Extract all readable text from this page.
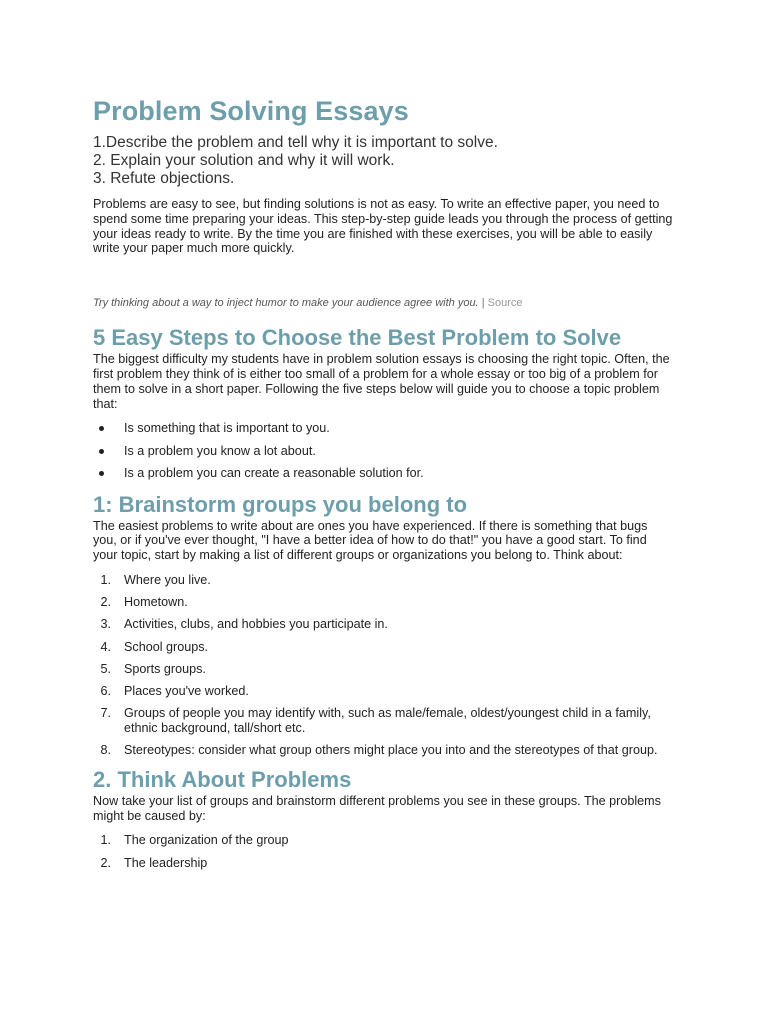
Problem Solving Essays
1.Describe the problem and tell why it is important to solve.
2. Explain your solution and why it will work.
3. Refute objections.

Problems are easy to see, but finding solutions is not as easy. To write an effective paper, you need to spend some time preparing your ideas. This step-by-step guide leads you through the process of getting your ideas ready to write. By the time you are finished with these exercises, you will be able to easily write your paper much more quickly.

Try thinking about a way to inject humor to make your audience agree with you. | Source
5 Easy Steps to Choose the Best Problem to Solve

The biggest difficulty my students have in problem solution essays is choosing the right topic. Often, the first problem they think of is either too small of a problem for a whole essay or too big of a problem for them to solve in a short paper. Following the five steps below will guide you to choose a topic problem that:

Is something that is important to you.
Is a problem you know a lot about.
Is a problem you can create a reasonable solution for.
1: Brainstorm groups you belong to

The easiest problems to write about are ones you have experienced. If there is something that bugs you, or if you've ever thought, "I have a better idea of how to do that!" you have a good start. To find your topic, start by making a list of different groups or organizations you belong to. Think about:

1. Where you live.
2. Hometown.
3. Activities, clubs, and hobbies you participate in.
4. School groups.
5. Sports groups.
6. Places you've worked.
7. Groups of people you may identify with, such as male/female, oldest/youngest child in a family, ethnic background, tall/short etc.
8. Stereotypes: consider what group others might place you into and the stereotypes of that group.
2. Think About Problems

Now take your list of groups and brainstorm different problems you see in these groups. The problems might be caused by:

1. The organization of the group
2. The leadership
